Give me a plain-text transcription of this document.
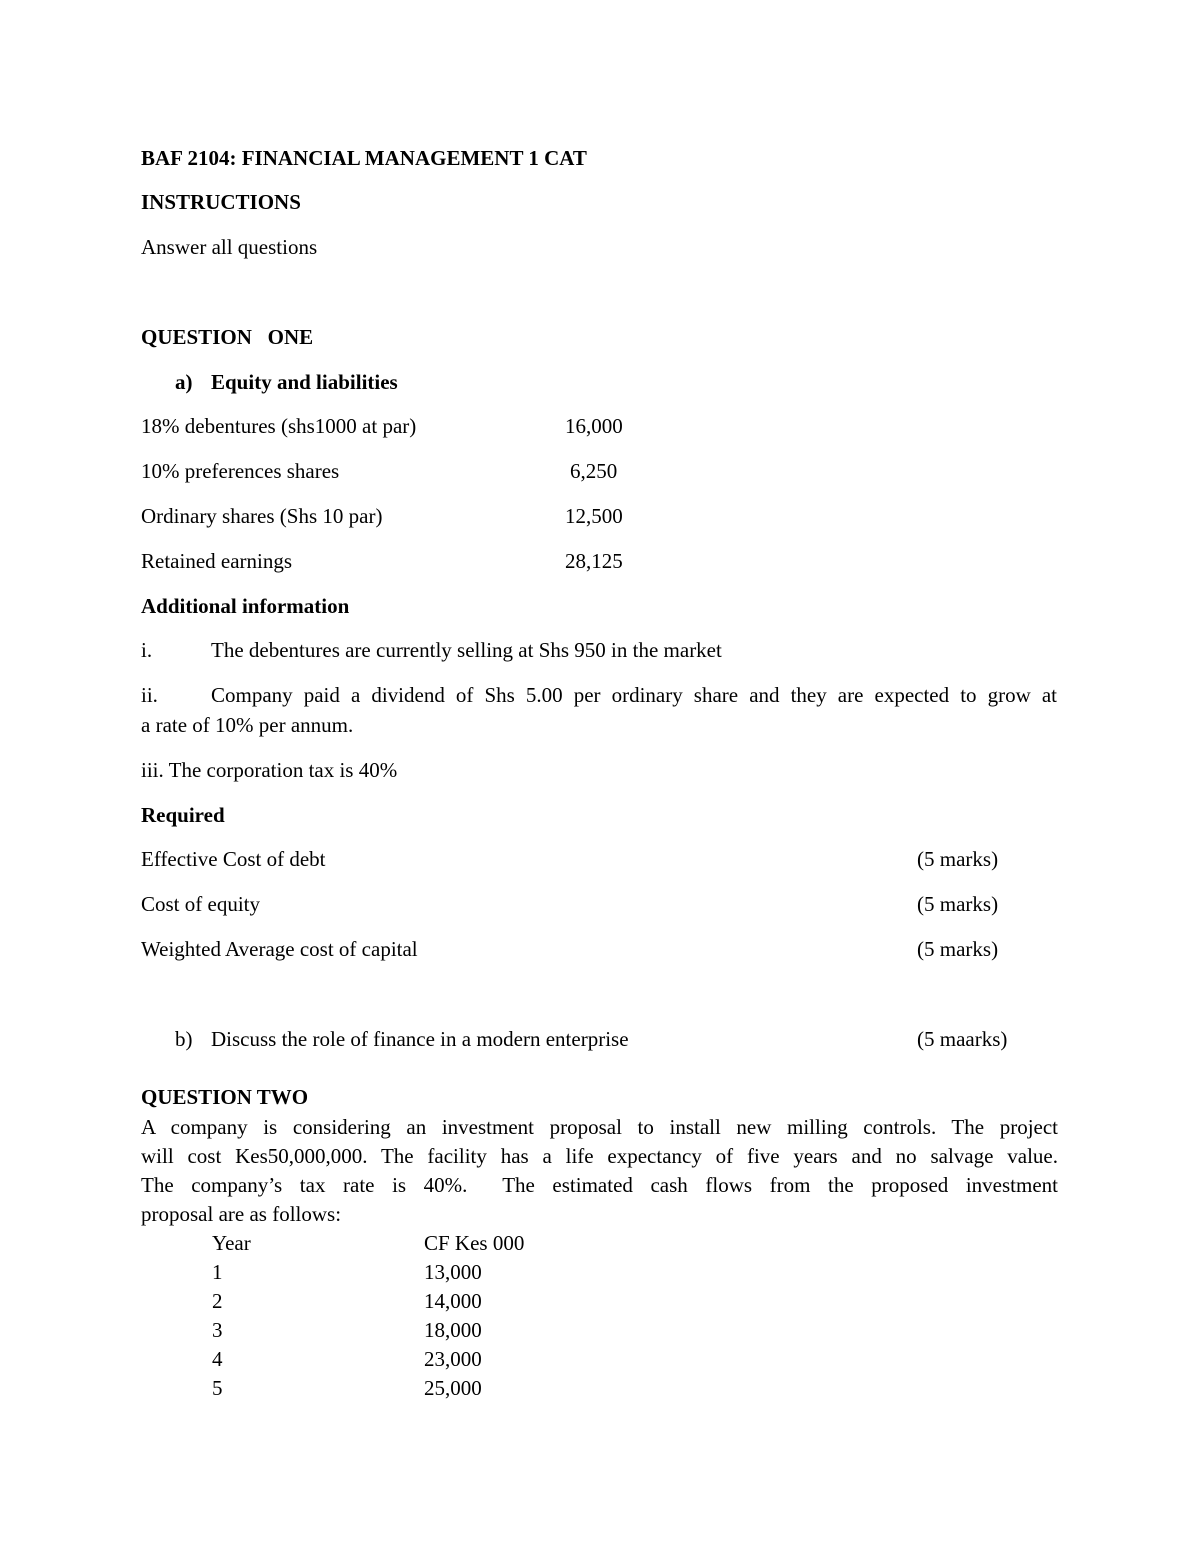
BAF 2104: FINANCIAL MANAGEMENT 1 CAT
INSTRUCTIONS
Answer all questions
QUESTION   ONE
a) Equity and liabilities
18% debentures (shs1000 at par)	16,000
10% preferences shares	6,250
Ordinary shares (Shs 10 par)	12,500
Retained earnings	28,125
Additional information
i.	The debentures are currently selling at Shs 950 in the market
ii.	Company paid a dividend of Shs 5.00 per ordinary share and they are expected to grow at
a rate of 10% per annum.
iii. The corporation tax is 40%
Required
Effective Cost of debt	(5 marks)
Cost of equity	(5 marks)
Weighted Average cost of capital	(5 marks)
b) Discuss the role of finance in a modern enterprise	(5 maarks)
QUESTION TWO
A company is considering an investment proposal to install new milling controls. The project
will cost Kes50,000,000. The facility has a life expectancy of five years and no salvage value.
The company’s tax rate is 40%.  The estimated cash flows from the proposed investment
proposal are as follows:
Year	CF Kes 000
1	13,000
2	14,000
3	18,000
4	23,000
5	25,000
